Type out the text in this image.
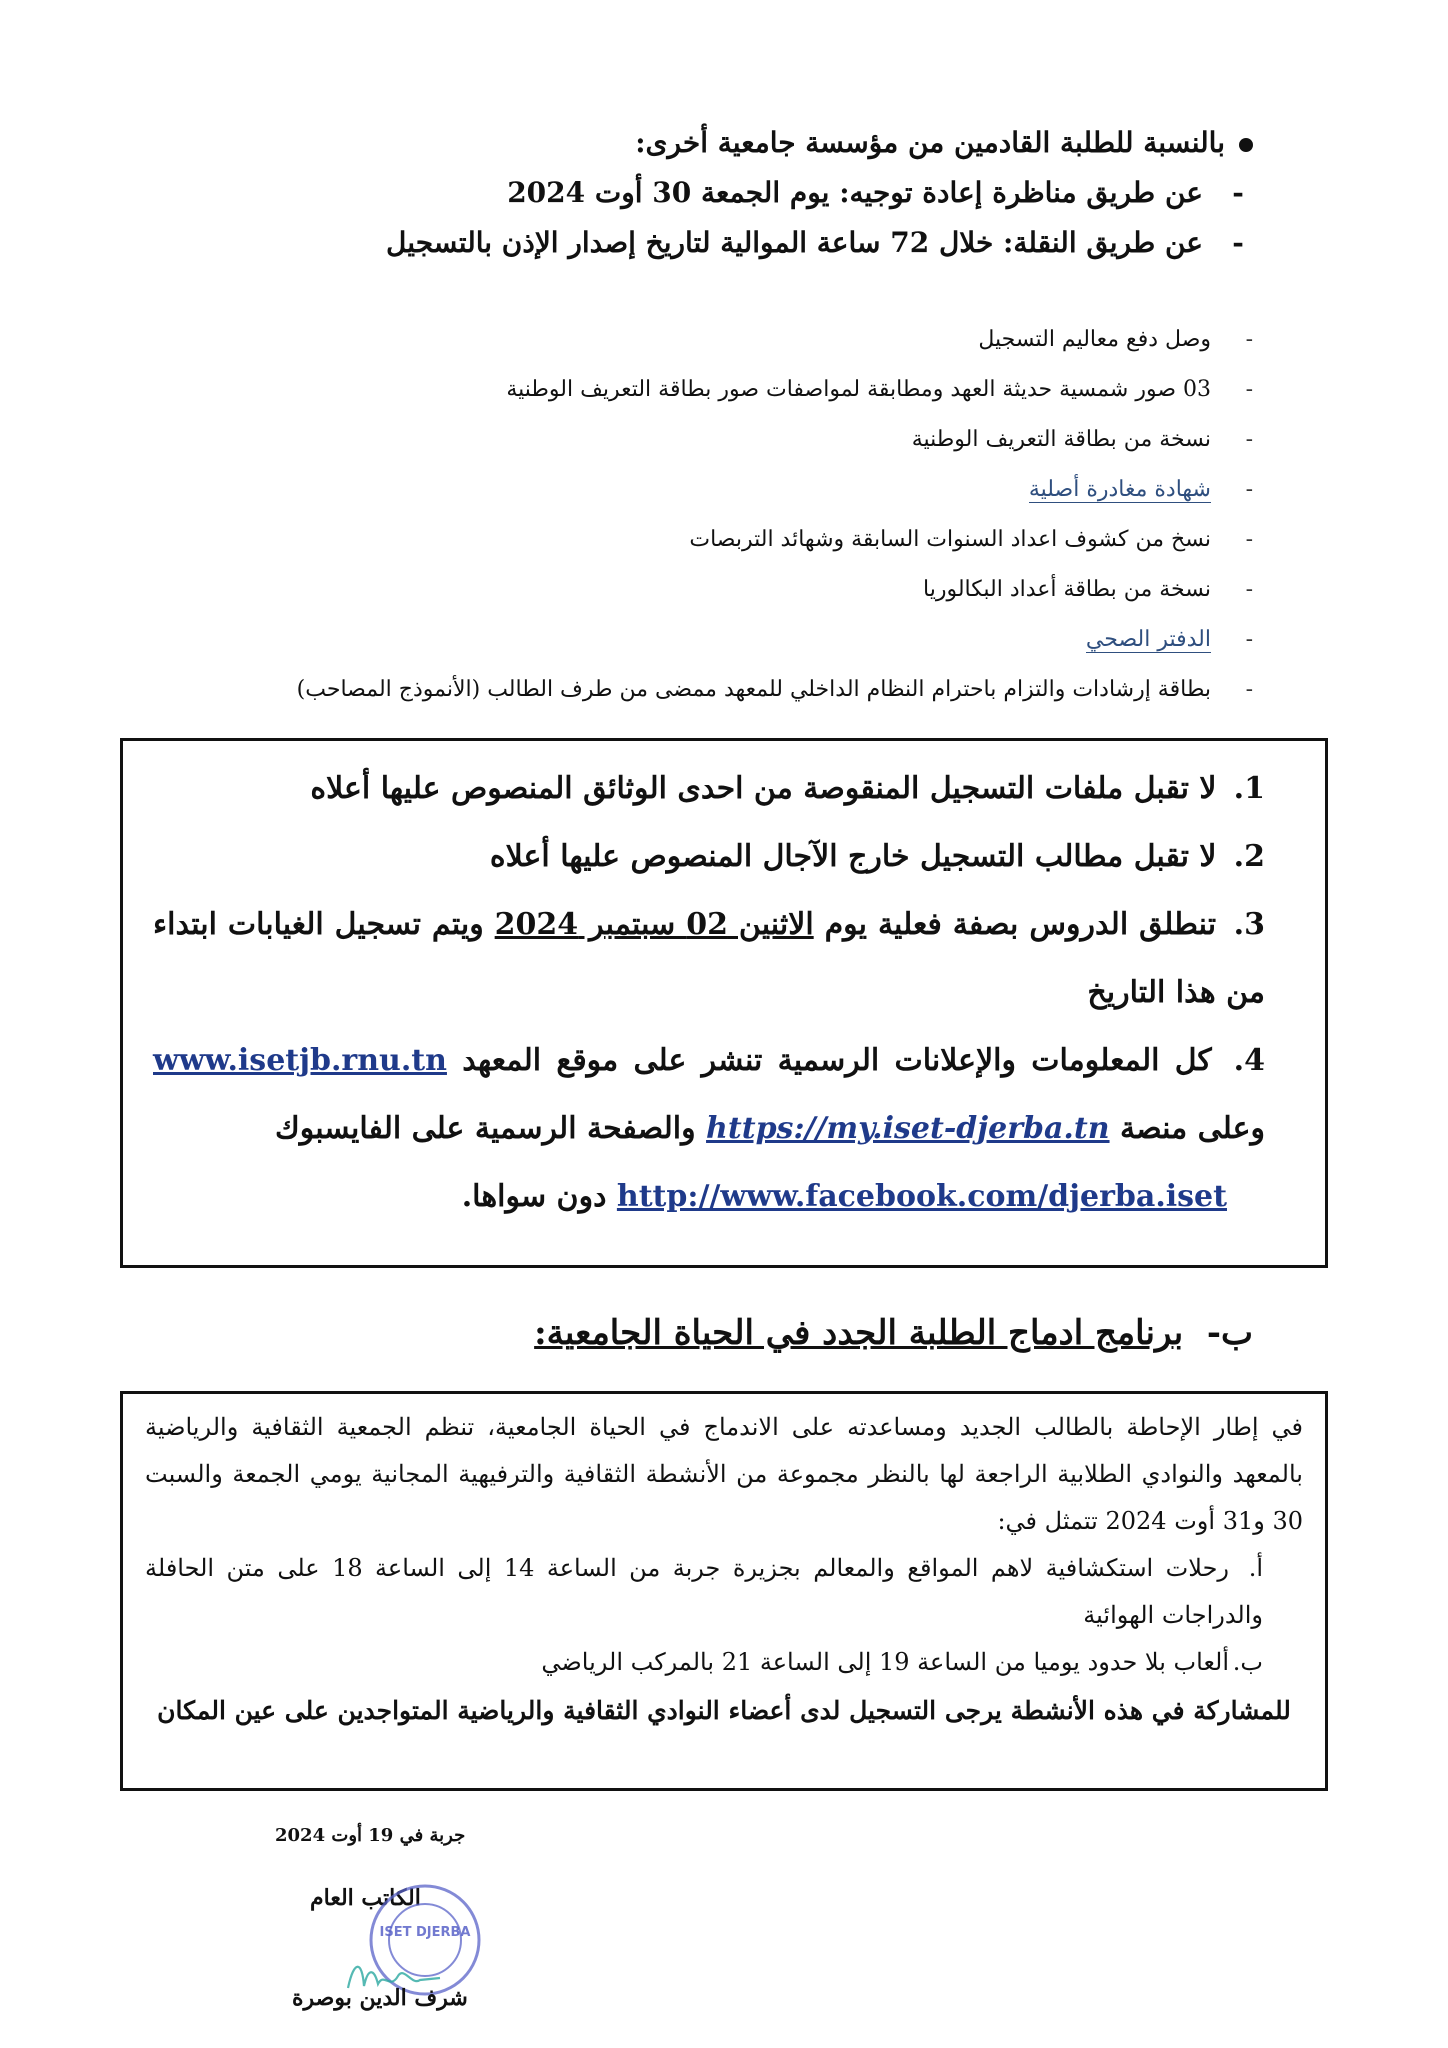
بالنسبة للطلبة القادمين من مؤسسة جامعية أخرى:
-عن طريق مناظرة إعادة توجيه: يوم الجمعة 30 أوت 2024
-عن طريق النقلة: خلال 72 ساعة الموالية لتاريخ إصدار الإذن بالتسجيل
-وصل دفع معاليم التسجيل
-03 صور شمسية حديثة العهد ومطابقة لمواصفات صور بطاقة التعريف الوطنية
-نسخة من بطاقة التعريف الوطنية
-شهادة مغادرة أصلية
-نسخ من كشوف اعداد السنوات السابقة وشهائد التربصات
-نسخة من بطاقة أعداد البكالوريا
-الدفتر الصحي
-بطاقة إرشادات والتزام باحترام النظام الداخلي للمعهد ممضى من طرف الطالب (الأنموذج المصاحب)
1. لا تقبل ملفات التسجيل المنقوصة من احدى الوثائق المنصوص عليها أعلاه
2. لا تقبل مطالب التسجيل خارج الآجال المنصوص عليها أعلاه
3. تنطلق الدروس بصفة فعلية يوم الاثنين 02 سبتمبر 2024 ويتم تسجيل الغيابات ابتداء من هذا التاريخ
4. كل المعلومات والإعلانات الرسمية تنشر على موقع المعهد www.isetjb.rnu.tn وعلى منصة https://my.iset-djerba.tn والصفحة الرسمية على الفايسبوك
http://www.facebook.com/djerba.iset دون سواها.
ب-  برنامج ادماج الطلبة الجدد في الحياة الجامعية:

في إطار الإحاطة بالطالب الجديد ومساعدته على الاندماج في الحياة الجامعية، تنظم الجمعية الثقافية والرياضية بالمعهد والنوادي الطلابية الراجعة لها بالنظر مجموعة من الأنشطة الثقافية والترفيهية المجانية يومي الجمعة والسبت 30 و31 أوت 2024 تتمثل في:

أ.رحلات استكشافية لاهم المواقع والمعالم بجزيرة جربة من الساعة 14 إلى الساعة 18 على متن الحافلة والدراجات الهوائية
ب.ألعاب بلا حدود يوميا من الساعة 19 إلى الساعة 21 بالمركب الرياضي
للمشاركة في هذه الأنشطة يرجى التسجيل لدى أعضاء النوادي الثقافية والرياضية المتواجدين على عين المكان
جربة في 19 أوت 2024
الكاتب العام
ISET DJERBA
شرف الدين بوصرة
